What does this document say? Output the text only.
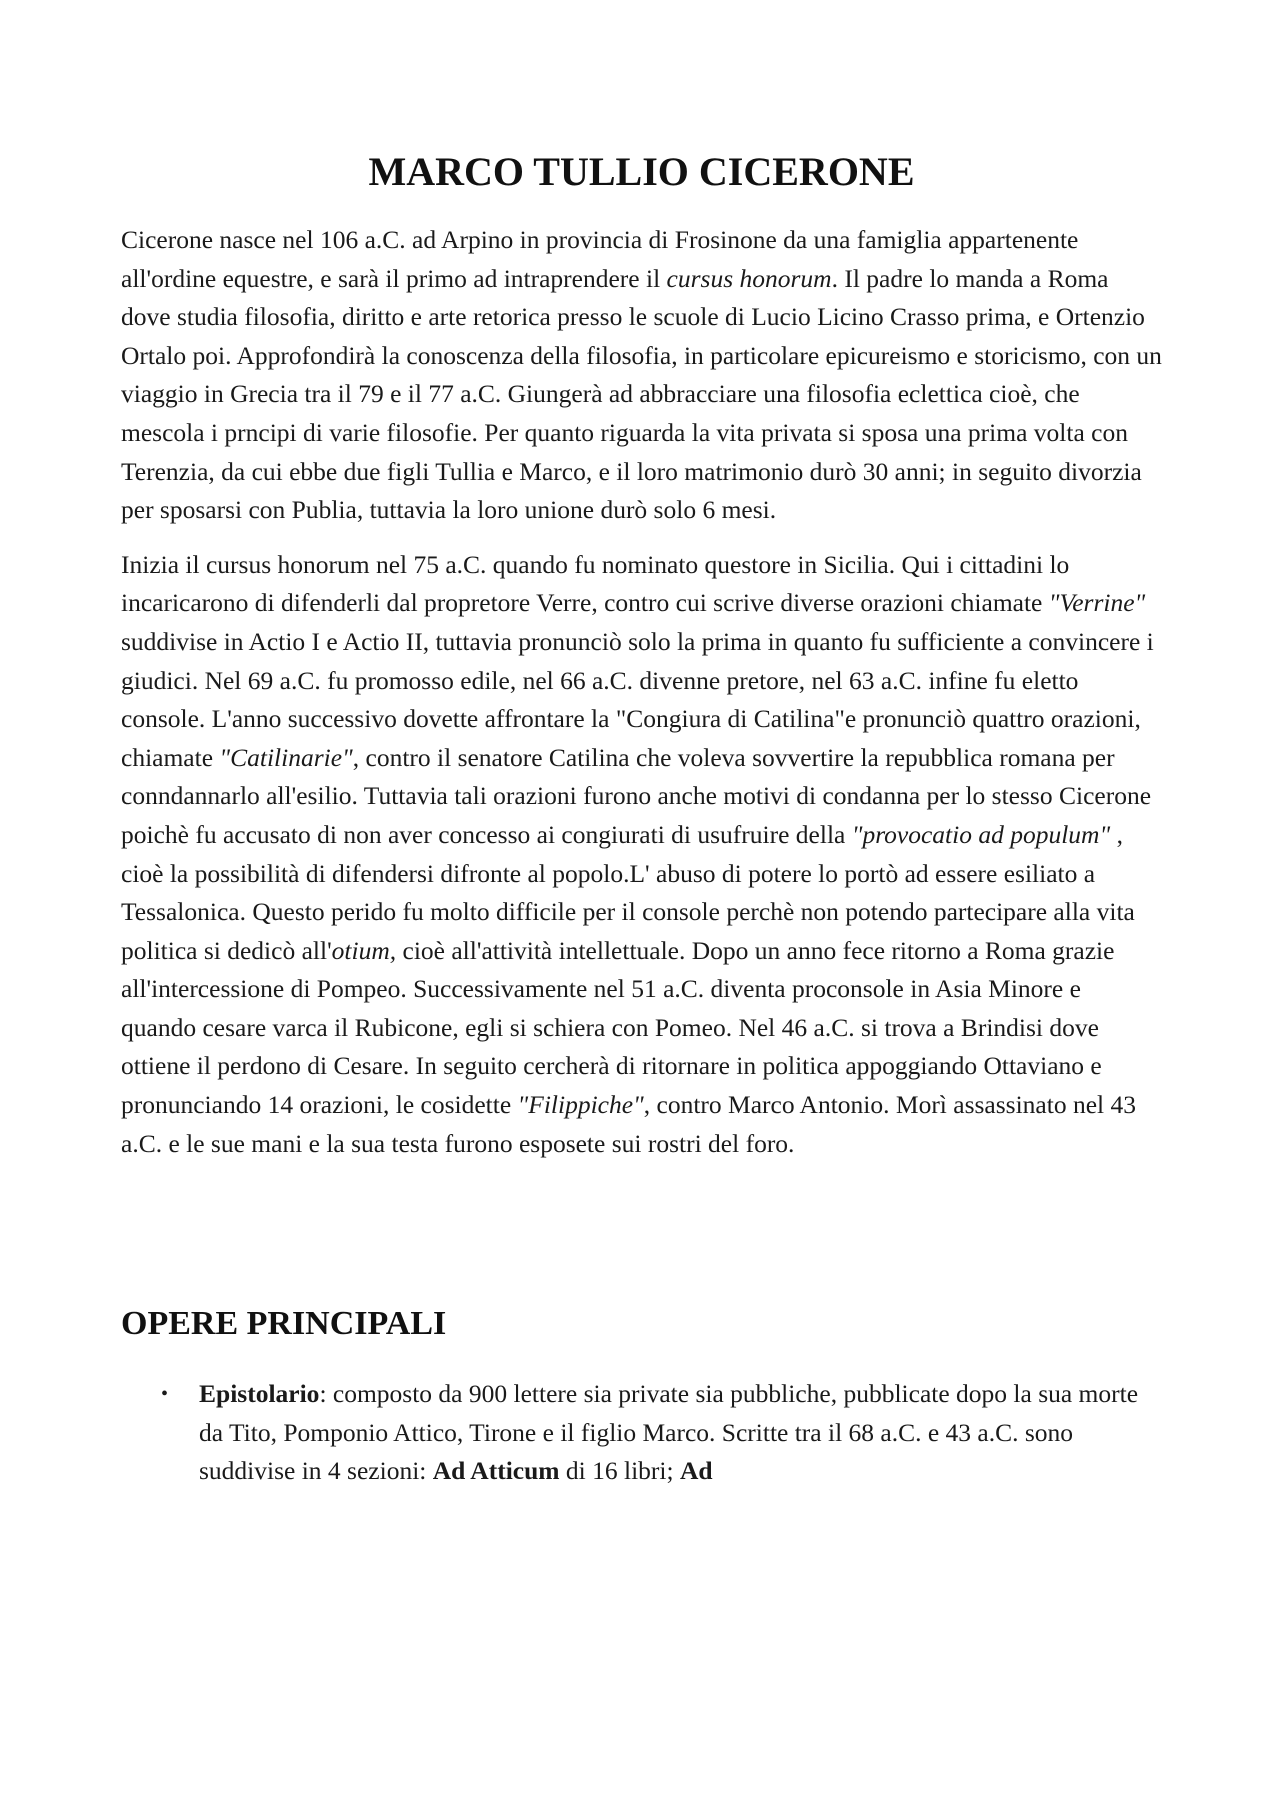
MARCO TULLIO CICERONE

Cicerone nasce nel 106 a.C. ad Arpino in provincia di Frosinone da una famiglia appartenente all'ordine equestre, e sarà il primo ad intraprendere il cursus honorum. Il padre lo manda a Roma dove studia filosofia, diritto e arte retorica presso le scuole di Lucio Licino Crasso prima, e Ortenzio Ortalo poi. Approfondirà la conoscenza della filosofia, in particolare epicureismo e storicismo, con un viaggio in Grecia tra il 79 e il 77 a.C. Giungerà ad abbracciare una filosofia eclettica cioè, che mescola i prncipi di varie filosofie. Per quanto riguarda la vita privata si sposa una prima volta con Terenzia, da cui ebbe due figli Tullia e Marco, e il loro matrimonio durò 30 anni; in seguito divorzia per sposarsi con Publia, tuttavia la loro unione durò solo 6 mesi.

Inizia il cursus honorum nel 75 a.C. quando fu nominato questore in Sicilia. Qui i cittadini lo incaricarono di difenderli dal propretore Verre, contro cui scrive diverse orazioni chiamate "Verrine" suddivise in Actio I e Actio II, tuttavia pronunciò solo la prima in quanto fu sufficiente a convincere i giudici. Nel 69 a.C. fu promosso edile, nel 66 a.C. divenne pretore, nel 63 a.C. infine fu eletto console. L'anno successivo dovette affrontare la "Congiura di Catilina"e pronunciò quattro orazioni, chiamate "Catilinarie", contro il senatore Catilina che voleva sovvertire la repubblica romana per conndannarlo all'esilio. Tuttavia tali orazioni furono anche motivi di condanna per lo stesso Cicerone poichè fu accusato di non aver concesso ai congiurati di usufruire della "provocatio ad populum" , cioè la possibilità di difendersi difronte al popolo.L' abuso di potere lo portò ad essere esiliato a Tessalonica. Questo perido fu molto difficile per il console perchè non potendo partecipare alla vita politica si dedicò all'otium, cioè all'attività intellettuale. Dopo un anno fece ritorno a Roma grazie all'intercessione di Pompeo. Successivamente nel 51 a.C. diventa proconsole in Asia Minore e quando cesare varca il Rubicone, egli si schiera con Pomeo. Nel 46 a.C. si trova a Brindisi dove ottiene il perdono di Cesare. In seguito cercherà di ritornare in politica appoggiando Ottaviano e pronunciando 14 orazioni, le cosidette "Filippiche", contro Marco Antonio. Morì assassinato nel 43 a.C. e le sue mani e la sua testa furono esposete sui rostri del foro.

OPERE PRINCIPALI
• Epistolario: composto da 900 lettere sia private sia pubbliche, pubblicate dopo la sua morte da Tito, Pomponio Attico, Tirone e il figlio Marco. Scritte tra il 68 a.C. e 43 a.C. sono suddivise in 4 sezioni: Ad Atticum di 16 libri; Ad
